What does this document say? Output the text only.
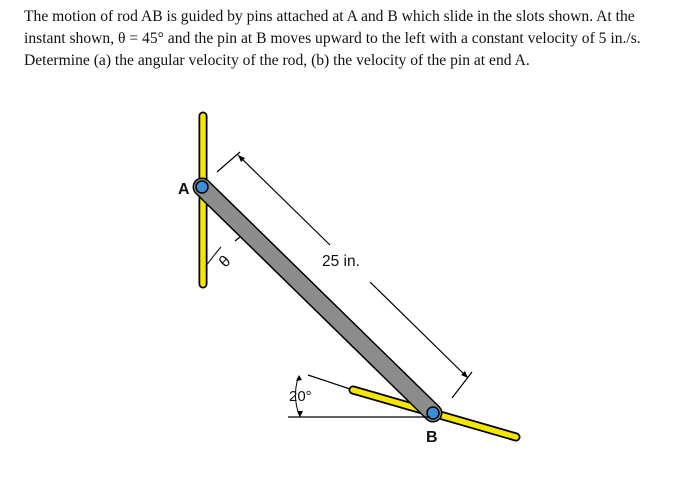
The motion of rod AB is guided by pins attached at A and B which slide in the slots shown. At the

instant shown, θ = 45° and the pin at B moves upward to the left with a constant velocity of 5 in./s.

Determine (a) the angular velocity of the rod, (b) the velocity of the pin at end A.

25 in.
θ
20°
A
B
